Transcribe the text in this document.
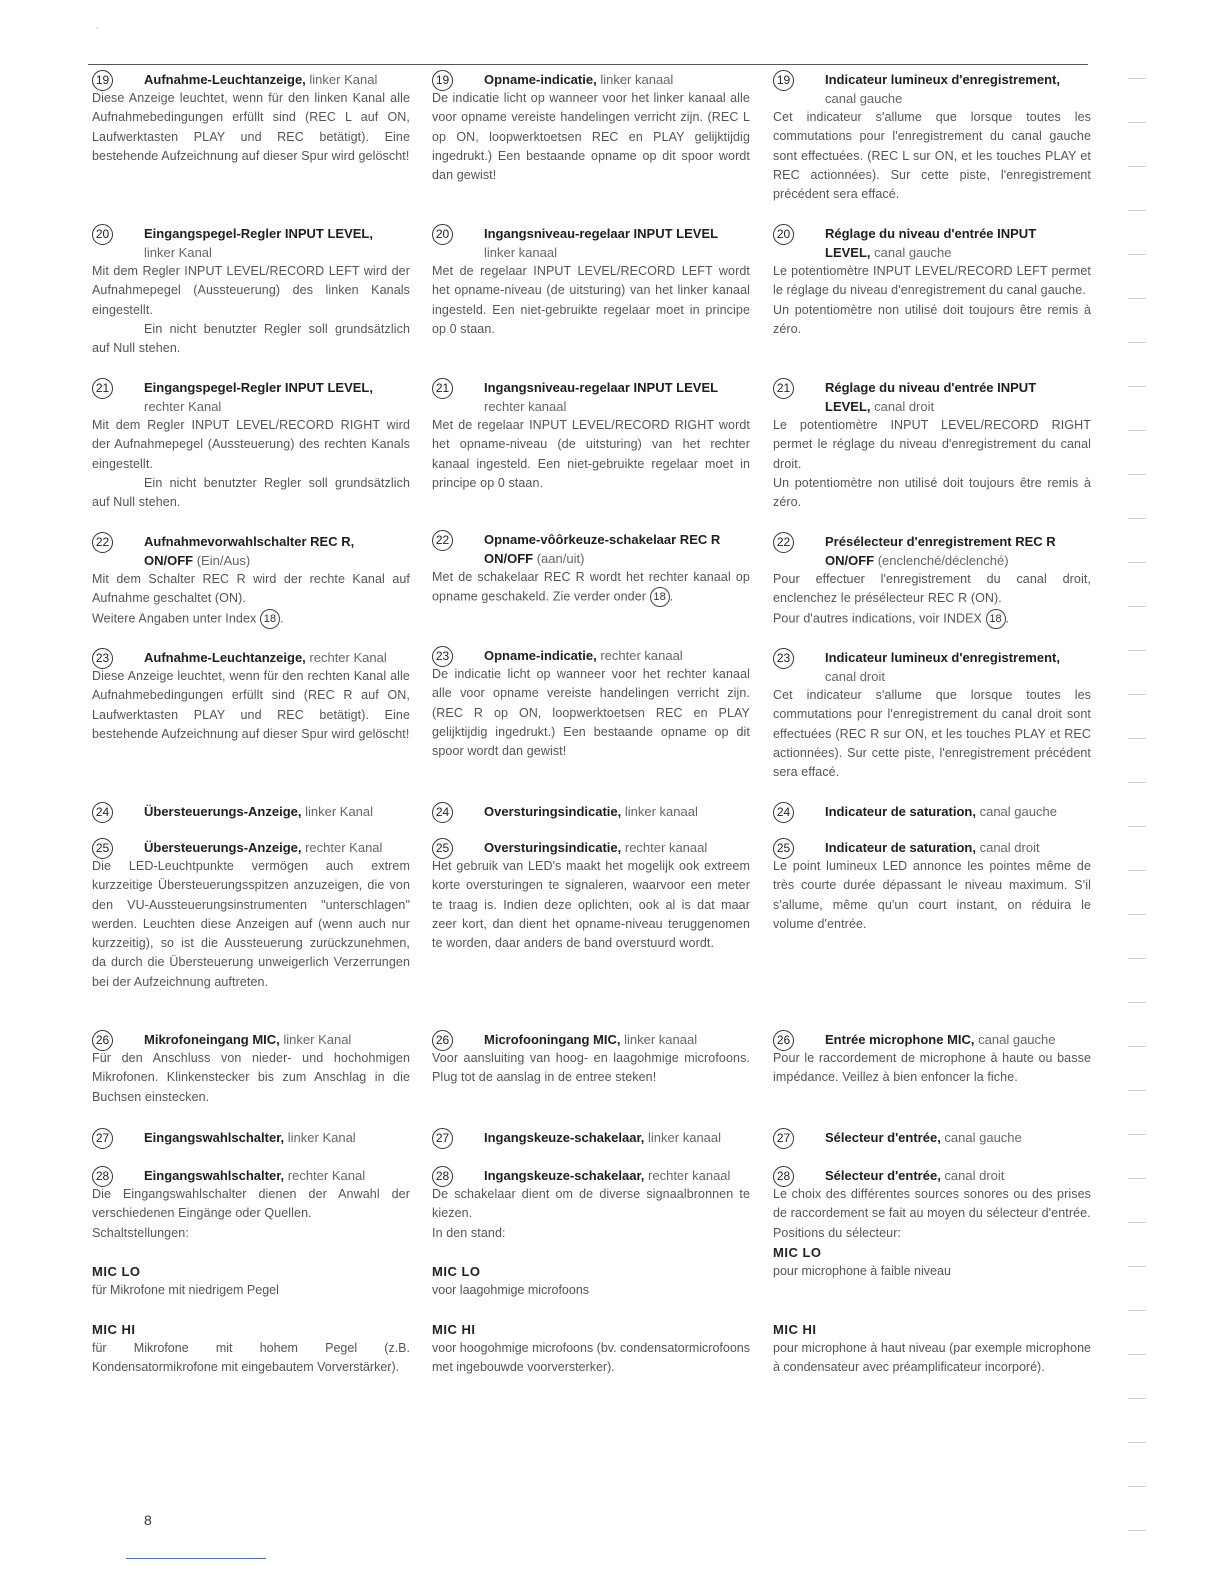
'
19	Aufnahme-Leuchtanzeige, linker Kanal
Diese Anzeige leuchtet, wenn für den linken Kanal alle Aufnahmebedingungen erfüllt sind (REC L auf ON, Laufwerktasten PLAY und REC betätigt). Eine bestehende Aufzeichnung auf dieser Spur wird gelöscht!
20	Eingangspegel-Regler INPUT LEVEL,
linker Kanal

Mit dem Regler INPUT LEVEL/RECORD LEFT wird der Aufnahmepegel (Aussteuerung) des linken Kanals eingestellt.

Ein nicht benutzter Regler soll grundsätzlich auf Null stehen.

21	Eingangspegel-Regler INPUT LEVEL,
rechter Kanal

Mit dem Regler INPUT LEVEL/RECORD RIGHT wird der Aufnahmepegel (Aussteuerung) des rechten Kanals eingestellt.

Ein nicht benutzter Regler soll grundsätzlich auf Null stehen.

22	Aufnahmevorwahlschalter REC R,
ON/OFF (Ein/Aus)

Mit dem Schalter REC R wird der rechte Kanal auf Aufnahme geschaltet (ON).

Weitere Angaben unter Index 18 .

23	Aufnahme-Leuchtanzeige, rechter Kanal
Diese Anzeige leuchtet, wenn für den rechten Kanal alle Aufnahmebedingungen erfüllt sind (REC R auf ON, Laufwerktasten PLAY und REC betätigt). Eine bestehende Aufzeichnung auf dieser Spur wird gelöscht!
24	Übersteuerungs-Anzeige, linker Kanal
25	Übersteuerungs-Anzeige, rechter Kanal
Die LED-Leuchtpunkte vermögen auch extrem kurzzeitige Übersteuerungsspitzen anzuzeigen, die von den VU-Aussteuerungsinstrumenten "unterschlagen" werden. Leuchten diese Anzeigen auf (wenn auch nur kurzzeitig), so ist die Aussteuerung zurückzunehmen, da durch die Übersteuerung unweigerlich Verzerrungen bei der Aufzeichnung auftreten.
26	Mikrofoneingang MIC, linker Kanal
Für den Anschluss von nieder- und hochohmigen Mikrofonen. Klinkenstecker bis zum Anschlag in die Buchsen einstecken.
27	Eingangswahlschalter, linker Kanal
28	Eingangswahlschalter, rechter Kanal

Die Eingangswahlschalter dienen der Anwahl der verschiedenen Eingänge oder Quellen.

Schaltstellungen:

MIC LO
für Mikrofone mit niedrigem Pegel
MIC HI
für Mikrofone mit hohem Pegel (z.B. Kondensatormikrofone mit eingebautem Vorverstärker).
19	Opname-indicatie, linker kanaal
De indicatie licht op wanneer voor het linker kanaal alle voor opname vereiste handelingen verricht zijn. (REC L op ON, loopwerktoetsen REC en PLAY gelijktijdig ingedrukt.) Een bestaande opname op dit spoor wordt dan gewist!
20	Ingangsniveau-regelaar INPUT LEVEL
linker kanaal
Met de regelaar INPUT LEVEL/RECORD LEFT wordt het opname-niveau (de uitsturing) van het linker kanaal ingesteld. Een niet-gebruikte regelaar moet in principe op 0 staan.
21	Ingangsniveau-regelaar INPUT LEVEL
rechter kanaal
Met de regelaar INPUT LEVEL/RECORD RIGHT wordt het opname-niveau (de uitsturing) van het rechter kanaal ingesteld. Een niet-gebruikte regelaar moet in principe op 0 staan.
22	Opname-vôôrkeuze-schakelaar REC R
ON/OFF (aan/uit)

Met de schakelaar REC R wordt het rechter kanaal op opname geschakeld. Zie verder onder 18 .

23	Opname-indicatie, rechter kanaal
De indicatie licht op wanneer voor het rechter kanaal alle voor opname vereiste handelingen verricht zijn. (REC R op ON, loopwerktoetsen REC en PLAY gelijktijdig ingedrukt.) Een bestaande opname op dit spoor wordt dan gewist!
24	Oversturingsindicatie, linker kanaal
25	Oversturingsindicatie, rechter kanaal
Het gebruik van LED's maakt het mogelijk ook extreem korte oversturingen te signaleren, waarvoor een meter te traag is. Indien deze oplichten, ook al is dat maar zeer kort, dan dient het opname-niveau teruggenomen te worden, daar anders de band overstuurd wordt.
26	Microfooningang MIC, linker kanaal
Voor aansluiting van hoog- en laagohmige microfoons. Plug tot de aanslag in de entree steken!
27	Ingangskeuze-schakelaar, linker kanaal
28	Ingangskeuze-schakelaar, rechter kanaal

De schakelaar dient om de diverse signaalbronnen te kiezen.

In den stand:

MIC LO
voor laagohmige microfoons
MIC HI
voor hoogohmige microfoons (bv. condensatormicrofoons met ingebouwde voorversterker).
19	Indicateur lumineux d'enregistrement,
canal gauche
Cet indicateur s'allume que lorsque toutes les commutations pour l'enregistrement du canal gauche sont effectuées. (REC L sur ON, et les touches PLAY et REC actionnées). Sur cette piste, l'enregistrement précédent sera effacé.
20	Réglage du niveau d'entrée INPUT
LEVEL, canal gauche

Le potentiomètre INPUT LEVEL/RECORD LEFT permet le réglage du niveau d'enregistrement du canal gauche.

Un potentiomètre non utilisé doit toujours être remis à zéro.

21	Réglage du niveau d'entrée INPUT
LEVEL, canal droit

Le potentiomètre INPUT LEVEL/RECORD RIGHT permet le réglage du niveau d'enregistrement du canal droit.

Un potentiomètre non utilisé doit toujours être remis à zéro.

22	Présélecteur d'enregistrement REC R
ON/OFF (enclenché/déclenché)

Pour effectuer l'enregistrement du canal droit, enclenchez le présélecteur REC R (ON).

Pour d'autres indications, voir INDEX 18 .

23	Indicateur lumineux d'enregistrement,
canal droit
Cet indicateur s'allume que lorsque toutes les commutations pour l'enregistrement du canal droit sont effectuées (REC R sur ON, et les touches PLAY et REC actionnées). Sur cette piste, l'enregistrement précédent sera effacé.
24	Indicateur de saturation, canal gauche
25	Indicateur de saturation, canal droit
Le point lumineux LED annonce les pointes même de très courte durée dépassant le niveau maximum. S'il s'allume, même qu'un court instant, on réduira le volume d'entrée.
26	Entrée microphone MIC, canal gauche
Pour le raccordement de microphone à haute ou basse impédance. Veillez à bien enfoncer la fiche.
27	Sélecteur d'entrée, canal gauche
28	Sélecteur d'entrée, canal droit

Le choix des différentes sources sonores ou des prises de raccordement se fait au moyen du sélecteur d'entrée.

Positions du sélecteur:

MIC LO
pour microphone à faible niveau
MIC HI
pour microphone à haut niveau (par exemple microphone à condensateur avec préamplificateur incorporé).
8
